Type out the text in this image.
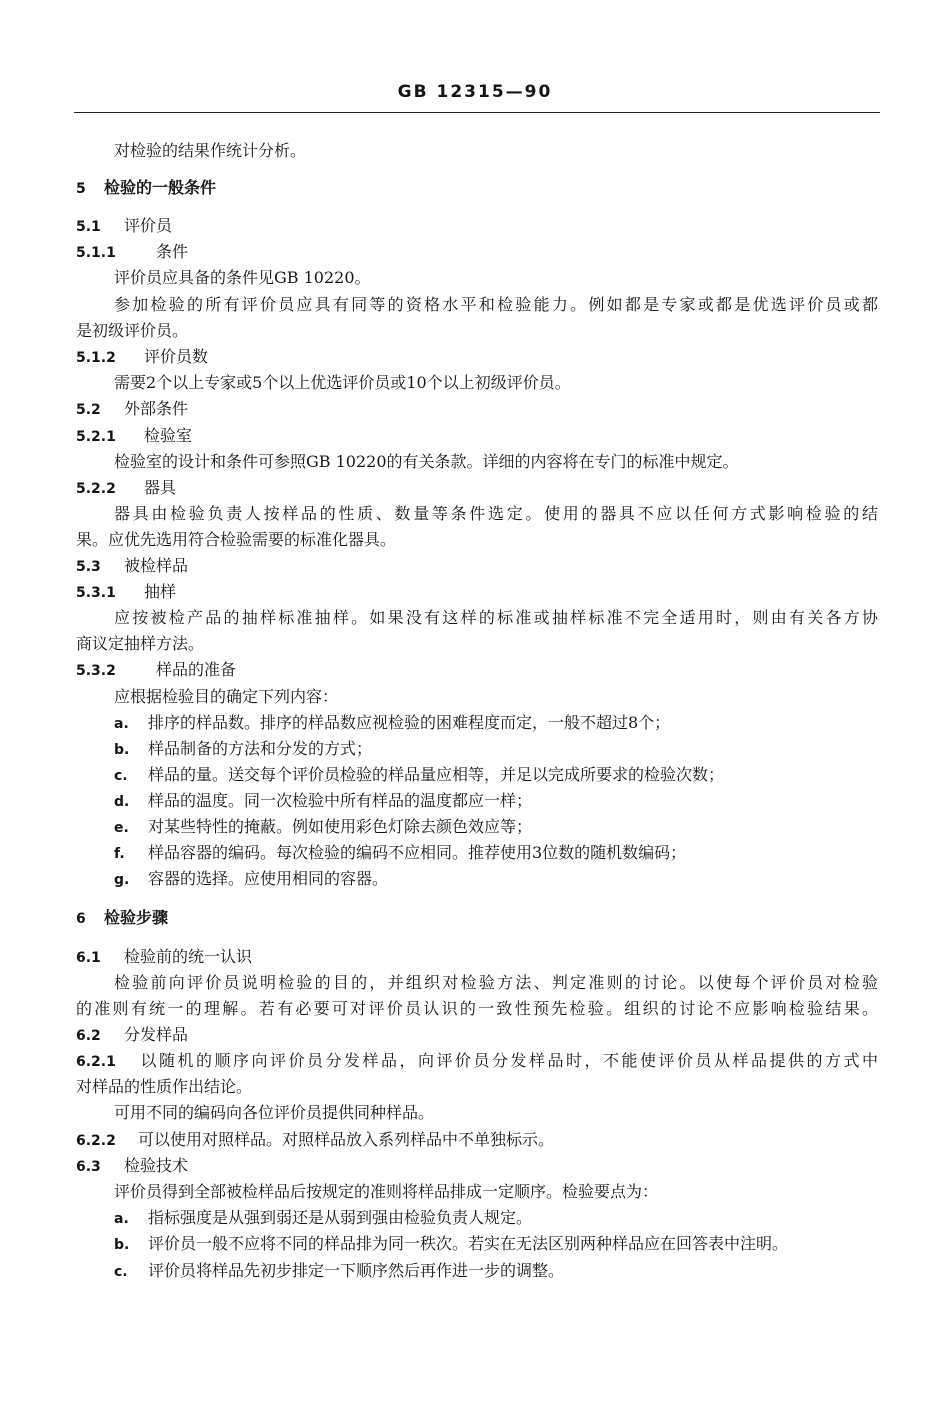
GB 12315—90
对检验的结果作统计分析。
5 检验的一般条件
5.1 评价员
5.1.1	条件
评价员应具备的条件见GB 10220。
参加检验的所有评价员应具有同等的资格水平和检验能力。例如都是专家或都是优选评价员或都
是初级评价员。
5.1.2 评价员数
需要2个以上专家或5个以上优选评价员或10个以上初级评价员。
5.2 外部条件
5.2.1 检验室
检验室的设计和条件可参照GB 10220的有关条款。详细的内容将在专门的标准中规定。
5.2.2 器具
器具由检验负责人按样品的性质、数量等条件选定。使用的器具不应以任何方式影响检验的结
果。应优先选用符合检验需要的标准化器具。
5.3 被检样品
5.3.1 抽样
应按被检产品的抽样标准抽样。如果没有这样的标准或抽样标准不完全适用时，则由有关各方协
商议定抽样方法。
5.3.2	样品的准备
应根据检验目的确定下列内容：
a. 排序的样品数。排序的样品数应视检验的困难程度而定，一般不超过8个；
b. 样品制备的方法和分发的方式；
c. 样品的量。送交每个评价员检验的样品量应相等，并足以完成所要求的检验次数；
d. 样品的温度。同一次检验中所有样品的温度都应一样；
e. 对某些特性的掩蔽。例如使用彩色灯除去颜色效应等；
f. 样品容器的编码。每次检验的编码不应相同。推荐使用3位数的随机数编码；
g. 容器的选择。应使用相同的容器。
6 检验步骤
6.1 检验前的统一认识
检验前向评价员说明检验的目的，并组织对检验方法、判定准则的讨论。以使每个评价员对检验
的准则有统一的理解。若有必要可对评价员认识的一致性预先检验。组织的讨论不应影响检验结果。
6.2 分发样品
6.2.1 以随机的顺序向评价员分发样品，向评价员分发样品时，不能使评价员从样品提供的方式中
对样品的性质作出结论。
可用不同的编码向各位评价员提供同种样品。
6.2.2 可以使用对照样品。对照样品放入系列样品中不单独标示。
6.3 检验技术
评价员得到全部被检样品后按规定的准则将样品排成一定顺序。检验要点为：
a. 指标强度是从强到弱还是从弱到强由检验负责人规定。
b. 评价员一般不应将不同的样品排为同一秩次。若实在无法区别两种样品应在回答表中注明。
c. 评价员将样品先初步排定一下顺序然后再作进一步的调整。
